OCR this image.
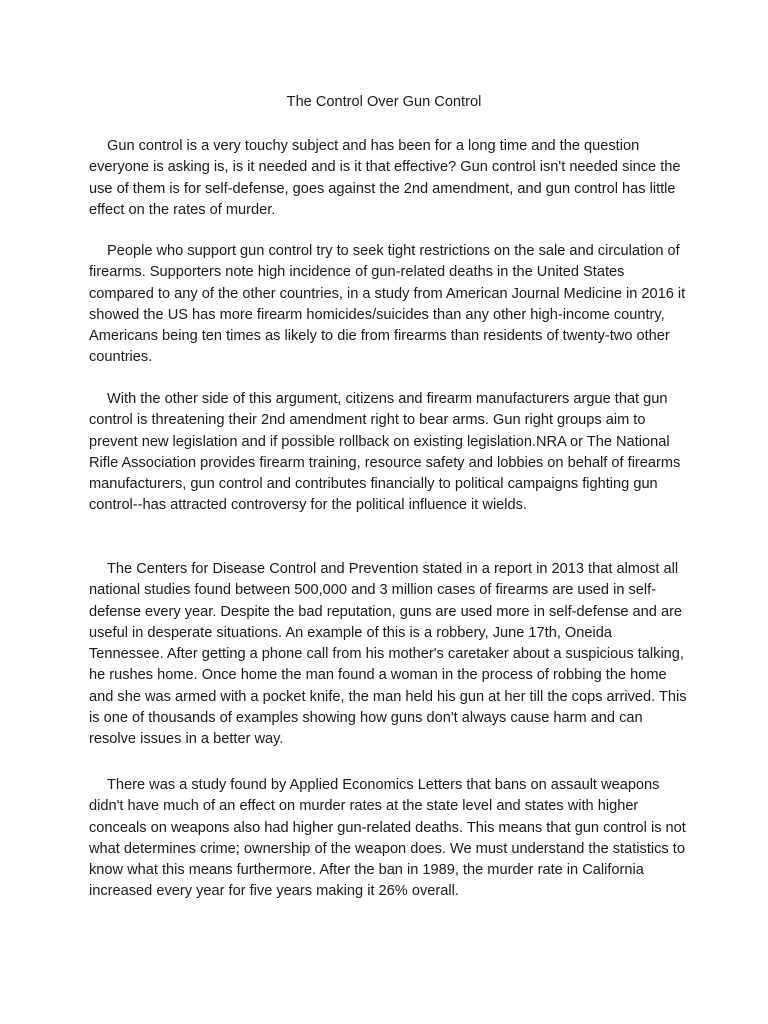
The Control Over Gun Control

Gun control is a very touchy subject and has been for a long time and the question everyone is asking is, is it needed and is it that effective? Gun control isn't needed since the use of them is for self-defense, goes against the 2nd amendment, and gun control has little effect on the rates of murder.

People who support gun control try to seek tight restrictions on the sale and circulation of firearms. Supporters note high incidence of gun-related deaths in the United States compared to any of the other countries, in a study from American Journal Medicine in 2016 it showed the US has more firearm homicides/suicides than any other high-income country, Americans being ten times as likely to die from firearms than residents of twenty-two other countries.

With the other side of this argument, citizens and firearm manufacturers argue that gun control is threatening their 2nd amendment right to bear arms. Gun right groups aim to prevent new legislation and if possible rollback on existing legislation.NRA or The National Rifle Association provides firearm training, resource safety and lobbies on behalf of firearms manufacturers, gun control and contributes financially to political campaigns fighting gun control--has attracted controversy for the political influence it wields.

The Centers for Disease Control and Prevention stated in a report in 2013 that almost all national studies found between 500,000 and 3 million cases of firearms are used in self-defense every year. Despite the bad reputation, guns are used more in self-defense and are useful in desperate situations. An example of this is a robbery, June 17th, Oneida Tennessee. After getting a phone call from his mother's caretaker about a suspicious talking, he rushes home. Once home the man found a woman in the process of robbing the home and she was armed with a pocket knife, the man held his gun at her till the cops arrived. This is one of thousands of examples showing how guns don't always cause harm and can resolve issues in a better way.

There was a study found by Applied Economics Letters that bans on assault weapons didn't have much of an effect on murder rates at the state level and states with higher conceals on weapons also had higher gun-related deaths. This means that gun control is not what determines crime; ownership of the weapon does. We must understand the statistics to know what this means furthermore. After the ban in 1989, the murder rate in California increased every year for five years making it 26% overall.
